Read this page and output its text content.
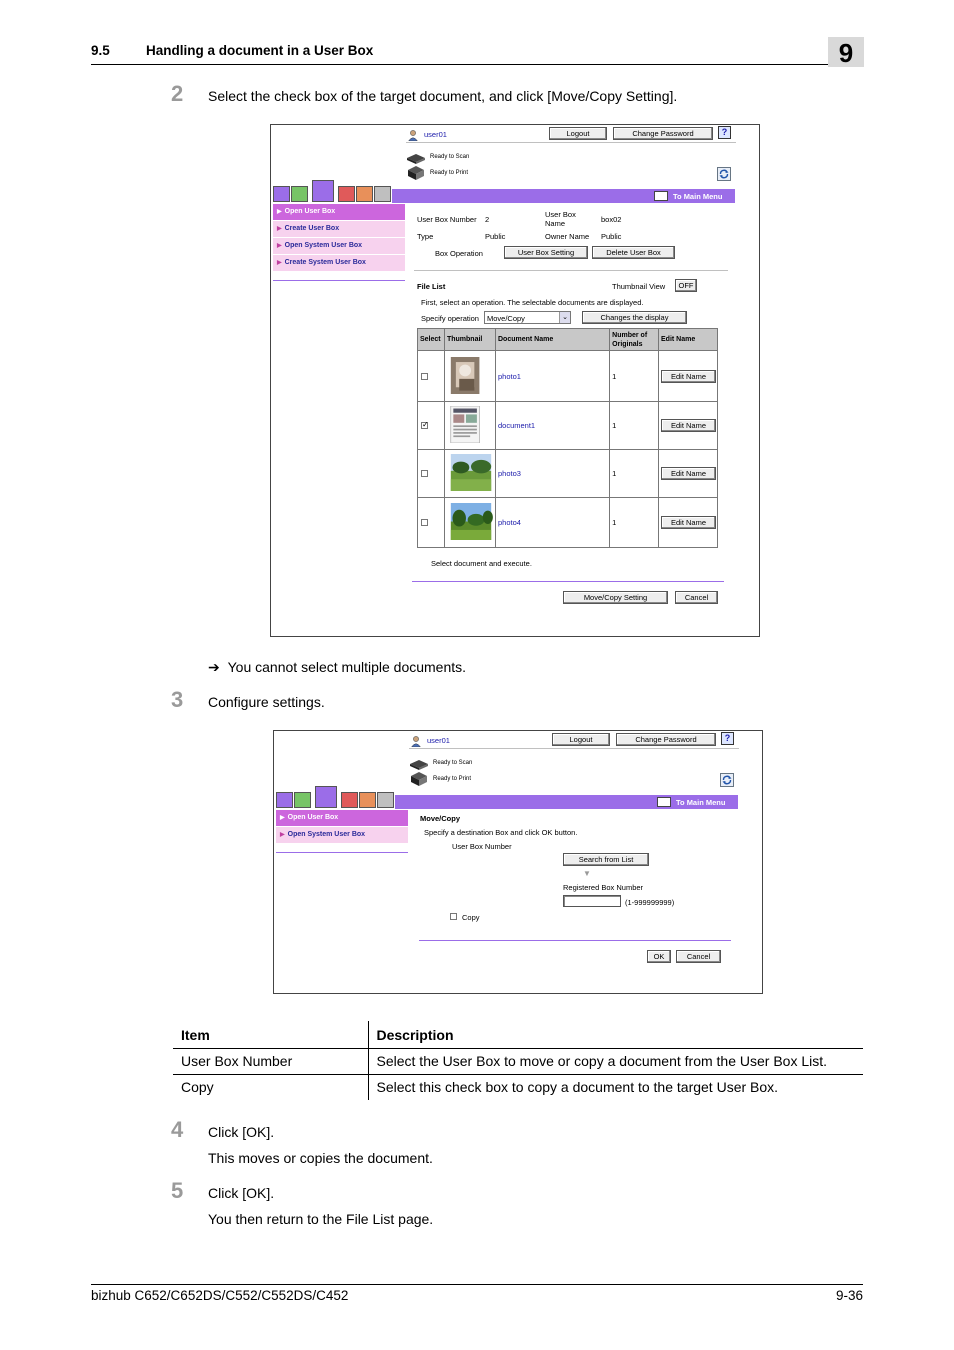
9.5	Handling a document in a User Box	9
2 Select the check box of the target document, and click [Move/Copy Setting].
user01	Logout	Change Password	?
Ready to Scan
Ready to Print
To Main Menu
▶ Open User Box
▶ Create User Box
▶ Open System User Box
▶ Create System User Box
User Box Number 2
User Box
Name	box02
Type	Public	Owner Name Public
Box Operation	User Box Setting	Delete User Box
File List	Thumbnail View	OFF
First, select an operation. The selectable documents are displayed.
Specify operation Move/Copy	⌄	Changes the display
Select	Thumbnail	Document Name	Number of Originals	Edit Name

		photo1	1	Edit Name

✓		document1	1	Edit Name

		photo3	1	Edit Name

		photo4	1	Edit Name
Select document and execute.
Move/Copy Setting	Cancel
➔ You cannot select multiple documents.
3 Configure settings.
user01	Logout	Change Password	?
Ready to Scan
Ready to Print
To Main Menu
▶ Open User Box
▶ Open System User Box
Move/Copy
Specify a destination Box and click OK button.
User Box Number
Search from List
▼
Registered Box Number
(1-999999999)
Copy
OK	Cancel
Item	Description
User Box Number	Select the User Box to move or copy a document from the User Box List.
Copy	Select this check box to copy a document to the target User Box.
4 Click [OK].
This moves or copies the document.
5 Click [OK].
You then return to the File List page.
bizhub C652/C652DS/C552/C552DS/C452	9-36
